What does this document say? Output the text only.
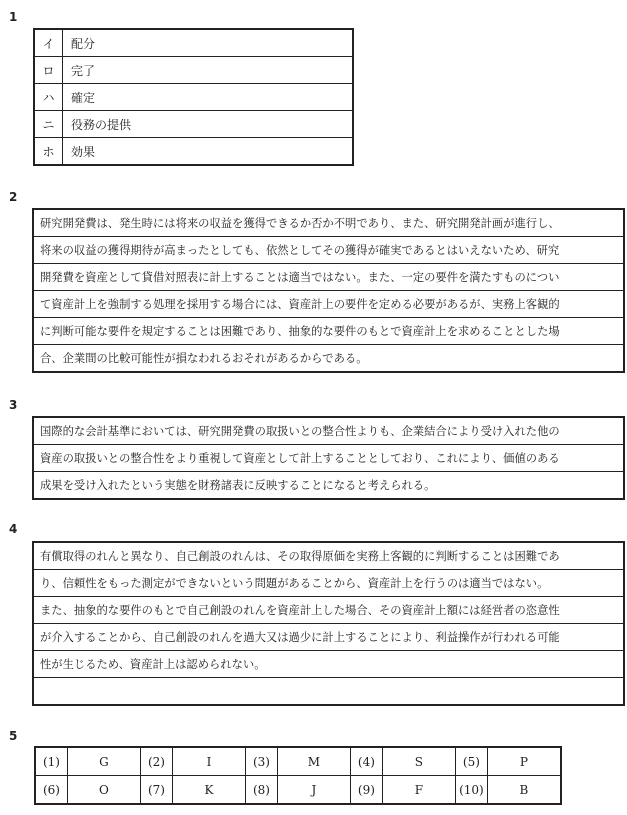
1
イ	配分
ロ	完了
ハ	確定
ニ	役務の提供
ホ	効果
2
研究開発費は、発生時には将来の収益を獲得できるか否か不明であり、また、研究開発計画が進行し、
将来の収益の獲得期待が高まったとしても、依然としてその獲得が確実であるとはいえないため、研究
開発費を資産として貸借対照表に計上することは適当ではない。また、一定の要件を満たすものについ
て資産計上を強制する処理を採用する場合には、資産計上の要件を定める必要があるが、実務上客観的
に判断可能な要件を規定することは困難であり、抽象的な要件のもとで資産計上を求めることとした場
合、企業間の比較可能性が損なわれるおそれがあるからである。
3
国際的な会計基準においては、研究開発費の取扱いとの整合性よりも、企業結合により受け入れた他の
資産の取扱いとの整合性をより重視して資産として計上することとしており、これにより、価値のある
成果を受け入れたという実態を財務諸表に反映することになると考えられる。
4
有償取得のれんと異なり、自己創設のれんは、その取得原価を実務上客観的に判断することは困難であ
り、信頼性をもった測定ができないという問題があることから、資産計上を行うのは適当ではない。
また、抽象的な要件のもとで自己創設のれんを資産計上した場合、その資産計上額には経営者の恣意性
が介入することから、自己創設のれんを過大又は過少に計上することにより、利益操作が行われる可能
性が生じるため、資産計上は認められない。

5
(1)	G	(2)	I	(3)	M	(4)	S	(5)	P
(6)	O	(7)	K	(8)	J	(9)	F	(10)	B
